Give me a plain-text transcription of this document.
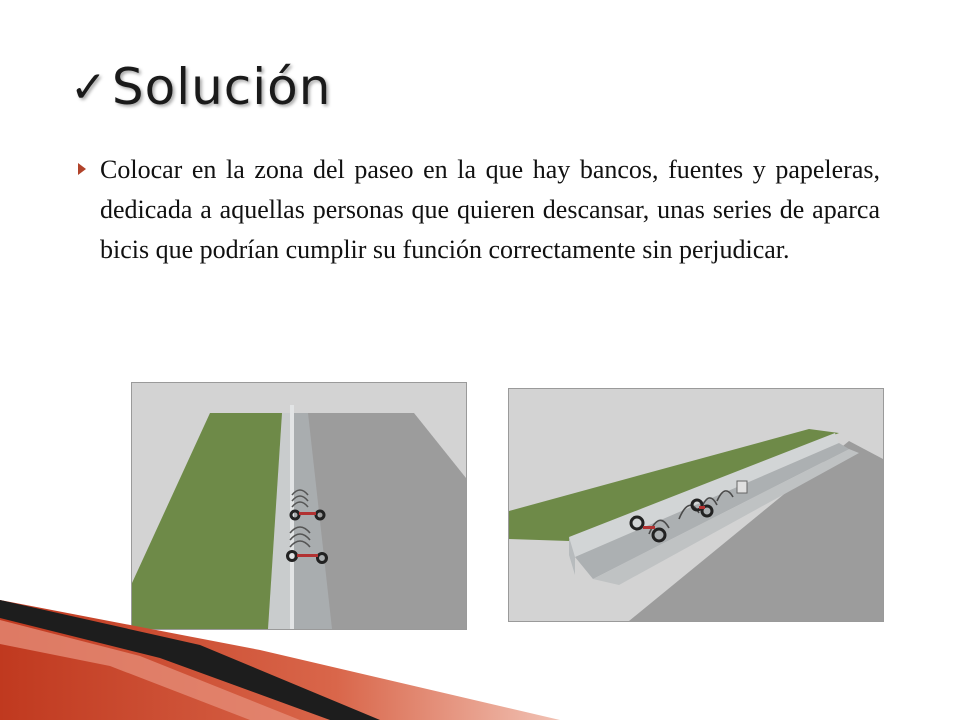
✓ Solución
Colocar en la zona del paseo en la que hay bancos, fuentes y papeleras, dedicada a aquellas personas que quieren descansar, unas series de aparca bicis que podrían cumplir su función correctamente sin perjudicar.
